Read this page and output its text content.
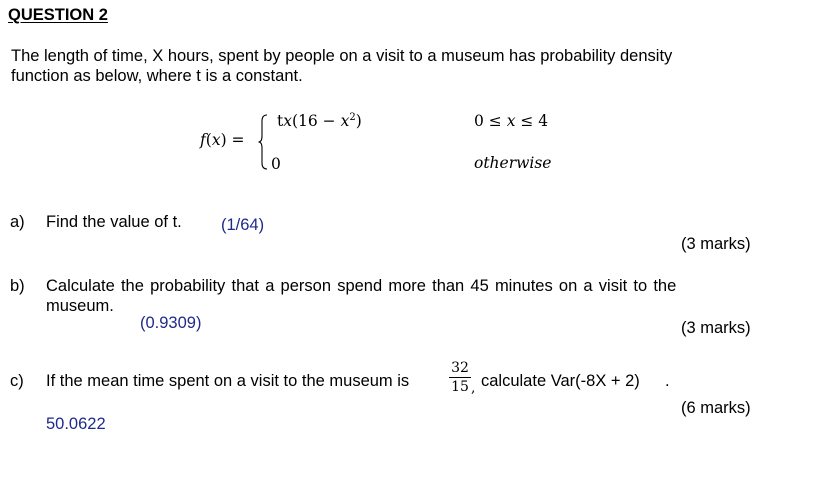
QUESTION 2
The length of time, X hours, spent by people on a visit to a museum has probability density
function as below, where t is a constant.
f(x) =
$tx(16 - x^2)$	0 ≤ x ≤ 4
0	otherwise
a) Find the value of t. (1/64)
(3 marks)
b) Calculate the probability that a person spend more than 45 minutes on a visit to the
museum.
(0.9309)	(3 marks)
c) If the mean time spent on a visit to the museum is
32
15 , calculate Var(-8X + 2) .
(6 marks)
50.0622
